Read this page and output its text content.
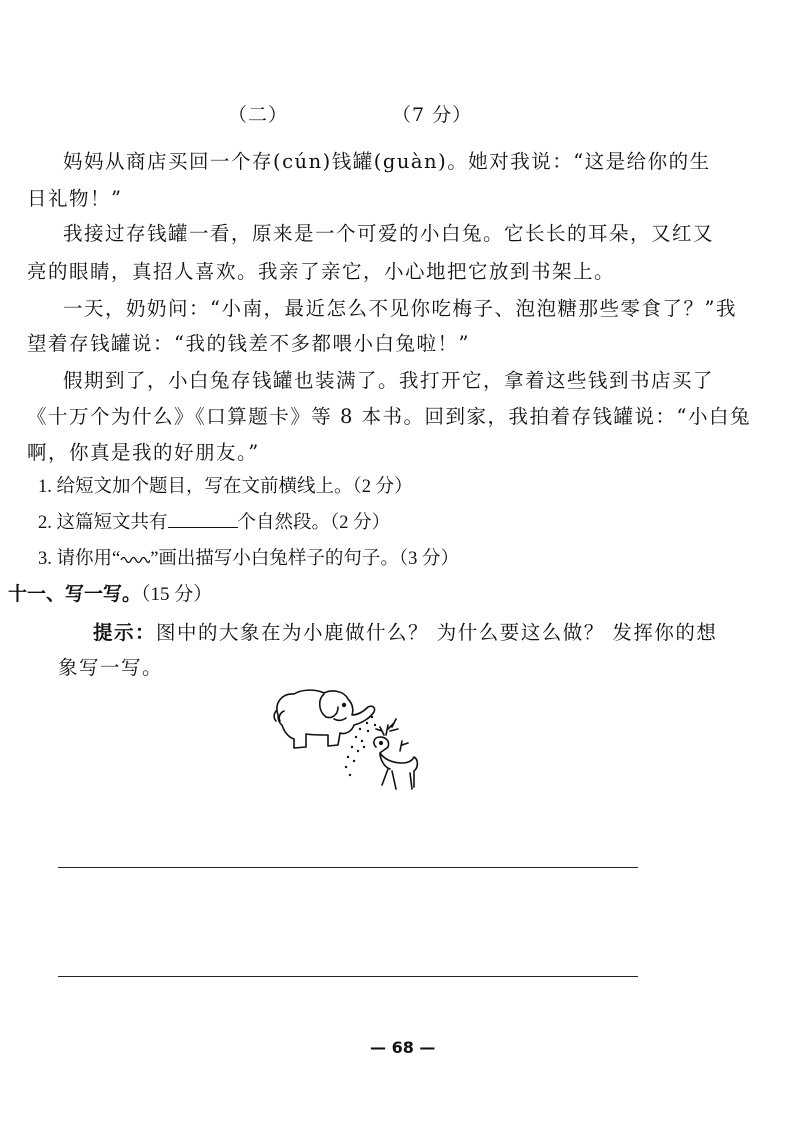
（二）	（7 分）
妈妈从商店买回一个存(cún)钱罐(guàn)。她对我说：“这是给你的生
日礼物！”
我接过存钱罐一看，原来是一个可爱的小白兔。它长长的耳朵，又红又
亮的眼睛，真招人喜欢。我亲了亲它，小心地把它放到书架上。
一天，奶奶问：“小南，最近怎么不见你吃梅子、泡泡糖那些零食了？”我
望着存钱罐说：“我的钱差不多都喂小白兔啦！”
假期到了，小白兔存钱罐也装满了。我打开它，拿着这些钱到书店买了
《十万个为什么》《口算题卡》等 8 本书。回到家，我拍着存钱罐说：“小白兔
啊，你真是我的好朋友。”
1. 给短文加个题目，写在文前横线上。（2 分）
2. 这篇短文共有	个自然段。（2 分）
3. 请你用“ ”画出描写小白兔样子的句子。（3 分）
十一、写一写。（15 分）
提示：图中的大象在为小鹿做什么？ 为什么要这么做？ 发挥你的想
象写一写。
— 68 —
